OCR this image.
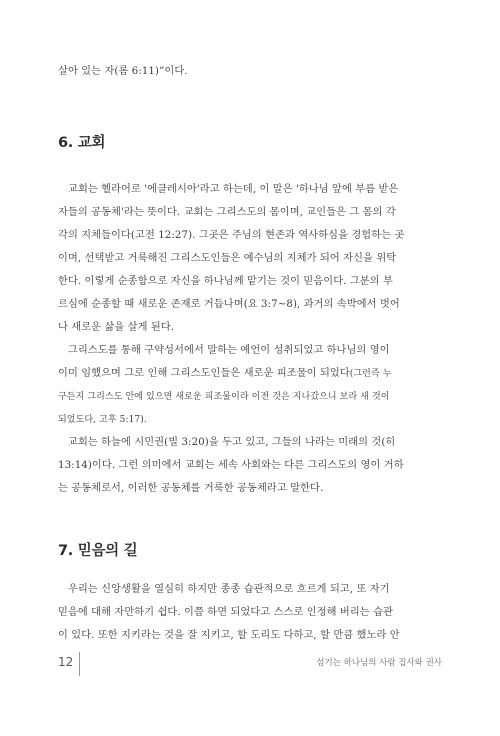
살아 있는 자(롬 6:11)”이다.

6. 교회

교회는 헬라어로 '에클레시아'라고 하는데, 이 말은 '하나님 앞에 부름 받은
자들의 공동체'라는 뜻이다. 교회는 그리스도의 몸이며, 교인들은 그 몸의 각
각의 지체들이다(고전 12:27). 그곳은 주님의 현존과 역사하심을 경험하는 곳
이며, 선택받고 거룩해진 그리스도인들은 예수님의 지체가 되어 자신을 위탁
한다. 이렇게 순종함으로 자신을 하나님께 맡기는 것이 믿음이다. 그분의 부
르심에 순종할 때 새로운 존재로 거듭나며(요 3:7~8), 과거의 속박에서 벗어
나 새로운 삶을 살게 된다.

그리스도를 통해 구약성서에서 말하는 예언이 성취되었고 하나님의 영이
이미 임했으며 그로 인해 그리스도인들은 새로운 피조물이 되었다(그런즉 누
구든지 그리스도 안에 있으면 새로운 피조물이라 이전 것은 지나갔으니 보라 새 것이
되었도다, 고후 5:17).

교회는 하늘에 시민권(빌 3:20)을 두고 있고, 그들의 나라는 미래의 것(히
13:14)이다. 그런 의미에서 교회는 세속 사회와는 다른 그리스도의 영이 거하
는 공동체로서, 이러한 공동체를 거룩한 공동체라고 말한다.

7. 믿음의 길

우리는 신앙생활을 열심히 하지만 종종 습관적으로 흐르게 되고, 또 자기
믿음에 대해 자만하기 쉽다. 이쯤 하면 되었다고 스스로 인정해 버리는 습관
이 있다. 또한 지키라는 것을 잘 지키고, 할 도리도 다하고, 할 만큼 했노라 안

12	섬기는 하나님의 사람 집사와 권사
